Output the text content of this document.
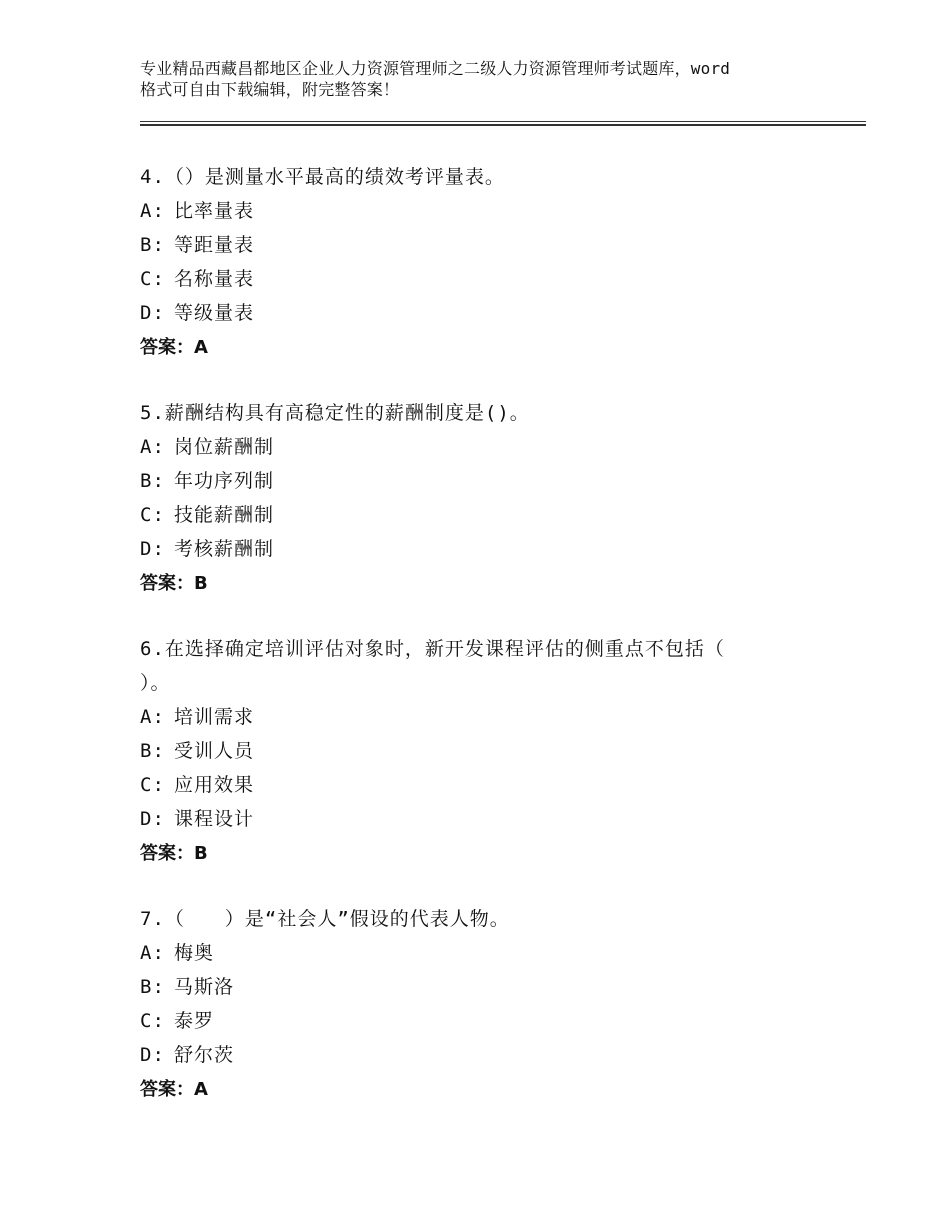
专业精品西藏昌都地区企业人力资源管理师之二级人力资源管理师考试题库，word
格式可自由下载编辑，附完整答案！
4.（）是测量水平最高的绩效考评量表。
A: 比率量表
B: 等距量表
C: 名称量表
D: 等级量表
答案：A
5.薪酬结构具有高稳定性的薪酬制度是()。
A: 岗位薪酬制
B: 年功序列制
C: 技能薪酬制
D: 考核薪酬制
答案：B
6.在选择确定培训评估对象时，新开发课程评估的侧重点不包括（ ）。
A: 培训需求
B: 受训人员
C: 应用效果
D: 课程设计
答案：B
7.（　　）是“社会人”假设的代表人物。
A: 梅奥
B: 马斯洛
C: 泰罗
D: 舒尔茨
答案：A
